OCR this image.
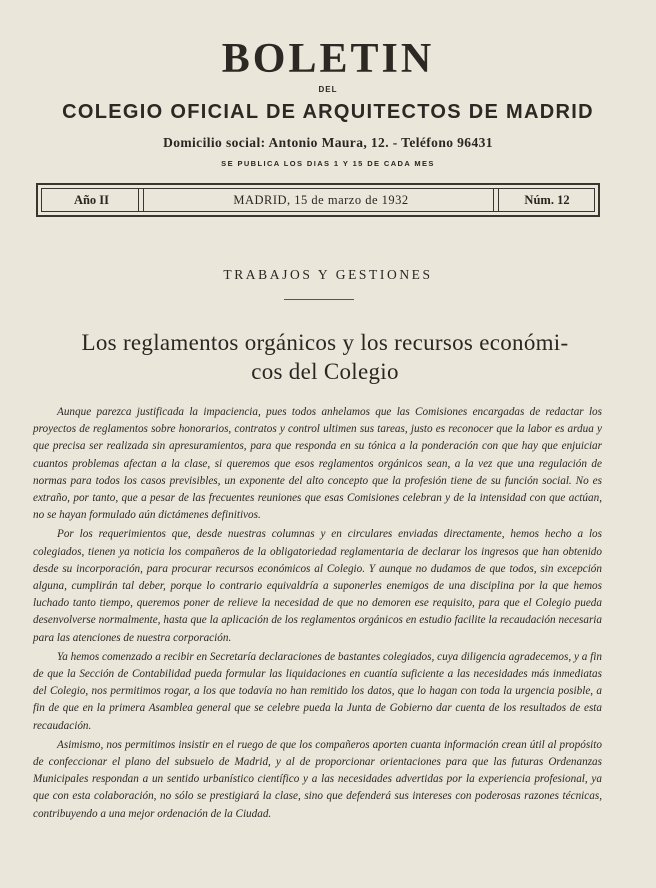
BOLETIN
DEL
COLEGIO OFICIAL DE ARQUITECTOS DE MADRID
Domicilio social: Antonio Maura, 12. - Teléfono 96431
SE PUBLICA LOS DIAS 1 Y 15 DE CADA MES
Año II	MADRID, 15 de marzo de 1932	Núm. 12
TRABAJOS Y GESTIONES
Los reglamentos orgánicos y los recursos económi-
cos del Colegio

Aunque parezca justificada la impaciencia, pues todos anhelamos que las Comisiones encargadas de redactar los proyectos de reglamentos sobre honorarios, contratos y control ultimen sus tareas, justo es reconocer que la labor es ardua y que precisa ser realizada sin apresuramientos, para que responda en su tónica a la ponderación con que hay que enjuiciar cuantos problemas afectan a la clase, si queremos que esos reglamentos orgánicos sean, a la vez que una regulación de normas para todos los casos previsibles, un exponente del alto concepto que la profesión tiene de su función social. No es extraño, por tanto, que a pesar de las frecuentes reuniones que esas Comisiones celebran y de la intensidad con que actúan, no se hayan formulado aún dictámenes definitivos.

Por los requerimientos que, desde nuestras columnas y en circulares enviadas directamente, hemos hecho a los colegiados, tienen ya noticia los compañeros de la obligatoriedad reglamentaria de declarar los ingresos que han obtenido desde su incorporación, para procurar recursos económicos al Colegio. Y aunque no dudamos de que todos, sin excepción alguna, cumplirán tal deber, porque lo contrario equivaldría a suponerles enemigos de una disciplina por la que hemos luchado tanto tiempo, queremos poner de relieve la necesidad de que no demoren ese requisito, para que el Colegio pueda desenvolverse normalmente, hasta que la aplicación de los reglamentos orgánicos en estudio facilite la recaudación necesaria para las atenciones de nuestra corporación.

Ya hemos comenzado a recibir en Secretaría declaraciones de bastantes colegiados, cuya diligencia agradecemos, y a fin de que la Sección de Contabilidad pueda formular las liquidaciones en cuantía suficiente a las necesidades más inmediatas del Colegio, nos permitimos rogar, a los que todavía no han remitido los datos, que lo hagan con toda la urgencia posible, a fin de que en la primera Asamblea general que se celebre pueda la Junta de Gobierno dar cuenta de los resultados de esta recaudación.

Asimismo, nos permitimos insistir en el ruego de que los compañeros aporten cuanta información crean útil al propósito de confeccionar el plano del subsuelo de Madrid, y al de proporcionar orientaciones para que las futuras Ordenanzas Municipales respondan a un sentido urbanístico científico y a las necesidades advertidas por la experiencia profesional, ya que con esta colaboración, no sólo se prestigiará la clase, sino que defenderá sus intereses con poderosas razones técnicas, contribuyendo a una mejor ordenación de la Ciudad.
